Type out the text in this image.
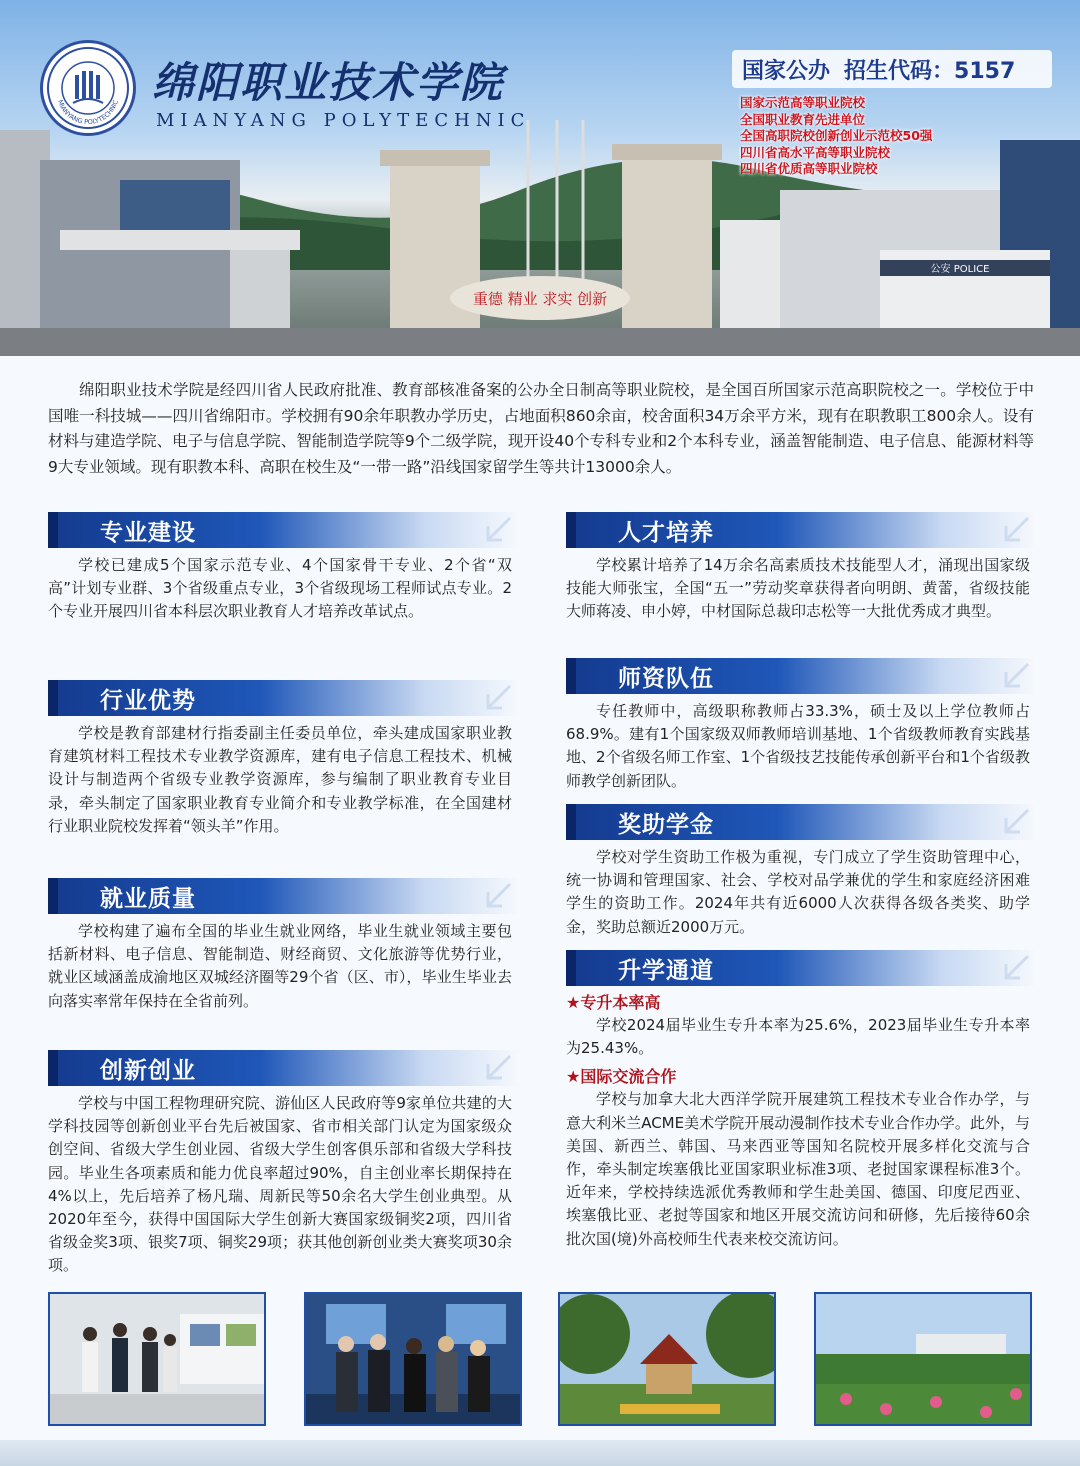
重德 精业 求实 创新
公安 POLICE
MIANYANG POLYTECHNIC 绵阳职业技术学院
MIANYANG POLYTECHNIC
国家公办 招生代码：5157
国家示范高等职业院校
全国职业教育先进单位
全国高职院校创新创业示范校50强
四川省高水平高等职业院校
四川省优质高等职业院校

绵阳职业技术学院是经四川省人民政府批准、教育部核准备案的公办全日制高等职业院校，是全国百所国家示范高职院校之一。学校位于中国唯一科技城——四川省绵阳市。学校拥有90余年职教办学历史，占地面积860余亩，校舍面积34万余平方米，现有在职教职工800余人。设有材料与建造学院、电子与信息学院、智能制造学院等9个二级学院，现开设40个专科专业和2个本科专业，涵盖智能制造、电子信息、能源材料等9大专业领域。现有职教本科、高职在校生及“一带一路”沿线国家留学生等共计13000余人。

专业建设

学校已建成5个国家示范专业、4个国家骨干专业、2个省“双高”计划专业群、3个省级重点专业，3个省级现场工程师试点专业。2个专业开展四川省本科层次职业教育人才培养改革试点。

行业优势

学校是教育部建材行指委副主任委员单位，牵头建成国家职业教育建筑材料工程技术专业教学资源库，建有电子信息工程技术、机械设计与制造两个省级专业教学资源库，参与编制了职业教育专业目录，牵头制定了国家职业教育专业简介和专业教学标准，在全国建材行业职业院校发挥着“领头羊”作用。

就业质量

学校构建了遍布全国的毕业生就业网络，毕业生就业领域主要包括新材料、电子信息、智能制造、财经商贸、文化旅游等优势行业，就业区域涵盖成渝地区双城经济圈等29个省（区、市），毕业生毕业去向落实率常年保持在全省前列。

创新创业

学校与中国工程物理研究院、游仙区人民政府等9家单位共建的大学科技园等创新创业平台先后被国家、省市相关部门认定为国家级众创空间、省级大学生创业园、省级大学生创客俱乐部和省级大学科技园。毕业生各项素质和能力优良率超过90%，自主创业率长期保持在4%以上，先后培养了杨凡瑞、周新民等50余名大学生创业典型。从2020年至今，获得中国国际大学生创新大赛国家级铜奖2项，四川省省级金奖3项、银奖7项、铜奖29项；获其他创新创业类大赛奖项30余项。

人才培养

学校累计培养了14万余名高素质技术技能型人才，涌现出国家级技能大师张宝，全国“五一”劳动奖章获得者向明朗、黄蕾，省级技能大师蒋凌、申小婷，中材国际总裁印志松等一大批优秀成才典型。

师资队伍

专任教师中，高级职称教师占33.3%，硕士及以上学位教师占68.9%。建有1个国家级双师教师培训基地、1个省级教师教育实践基地、2个省级名师工作室、1个省级技艺技能传承创新平台和1个省级教师教学创新团队。

奖助学金

学校对学生资助工作极为重视，专门成立了学生资助管理中心，统一协调和管理国家、社会、学校对品学兼优的学生和家庭经济困难学生的资助工作。2024年共有近6000人次获得各级各类奖、助学金，奖助总额近2000万元。

升学通道
★专升本率高

学校2024届毕业生专升本率为25.6%，2023届毕业生专升本率为25.43%。

★国际交流合作

学校与加拿大北大西洋学院开展建筑工程技术专业合作办学，与意大利米兰ACME美术学院开展动漫制作技术专业合作办学。此外，与美国、新西兰、韩国、马来西亚等国知名院校开展多样化交流与合作，牵头制定埃塞俄比亚国家职业标准3项、老挝国家课程标准3个。近年来，学校持续选派优秀教师和学生赴美国、德国、印度尼西亚、埃塞俄比亚、老挝等国家和地区开展交流访问和研修，先后接待60余批次国(境)外高校师生代表来校交流访问。
